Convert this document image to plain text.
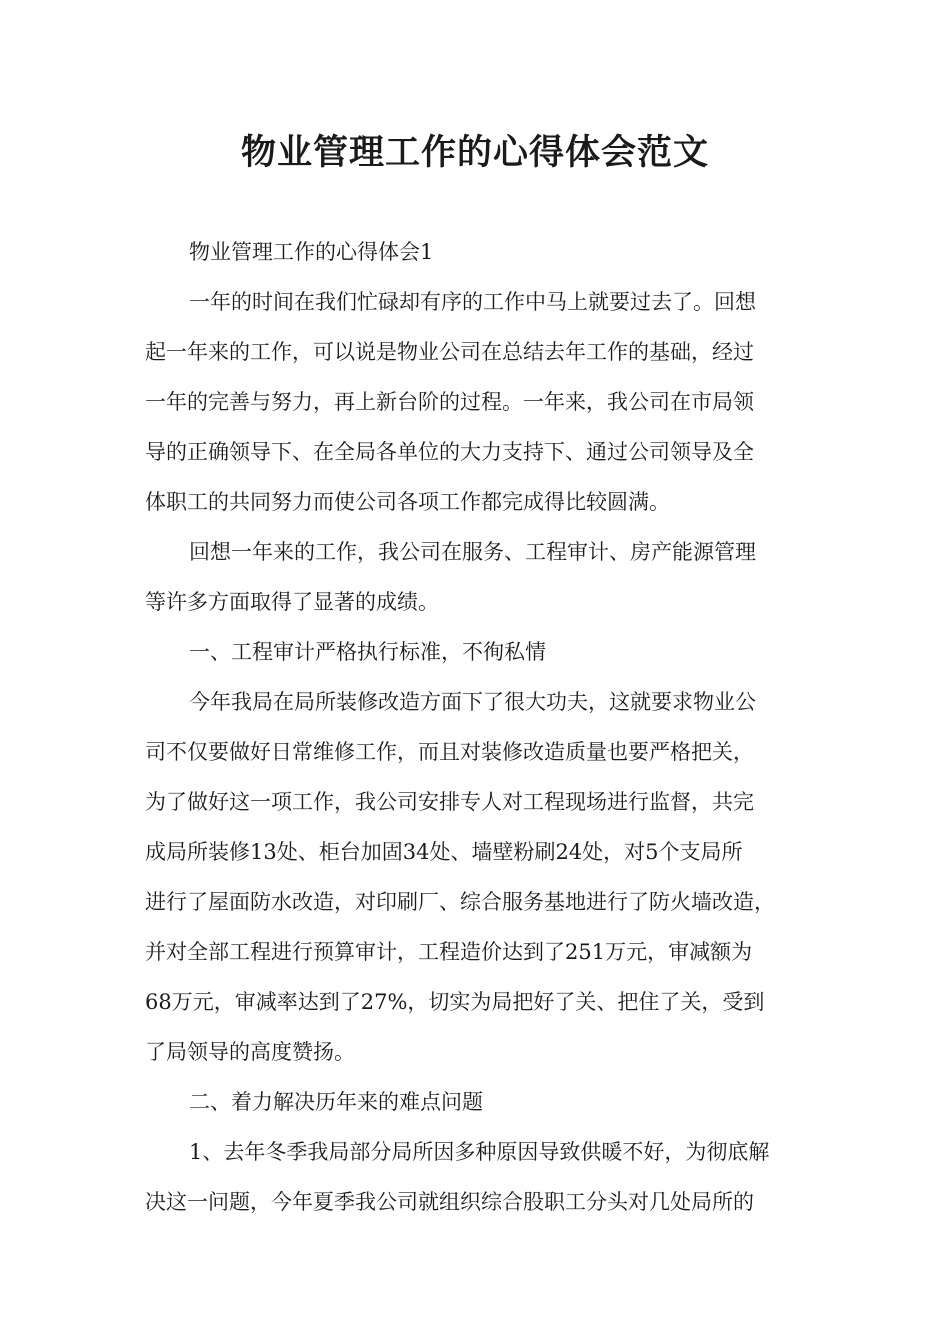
物业管理工作的心得体会范文
物业管理工作的心得体会1
一年的时间在我们忙碌却有序的工作中马上就要过去了。回想
起一年来的工作，可以说是物业公司在总结去年工作的基础，经过
一年的完善与努力，再上新台阶的过程。一年来，我公司在市局领
导的正确领导下、在全局各单位的大力支持下、通过公司领导及全
体职工的共同努力而使公司各项工作都完成得比较圆满。
回想一年来的工作，我公司在服务、工程审计、房产能源管理
等许多方面取得了显著的成绩。
一、工程审计严格执行标准，不徇私情
今年我局在局所装修改造方面下了很大功夫，这就要求物业公
司不仅要做好日常维修工作，而且对装修改造质量也要严格把关，
为了做好这一项工作，我公司安排专人对工程现场进行监督，共完
成局所装修13处、柜台加固34处、墙壁粉刷24处，对5个支局所
进行了屋面防水改造，对印刷厂、综合服务基地进行了防火墙改造，
并对全部工程进行预算审计，工程造价达到了251万元，审减额为
68万元，审减率达到了27%，切实为局把好了关、把住了关，受到
了局领导的高度赞扬。
二、着力解决历年来的难点问题
1、去年冬季我局部分局所因多种原因导致供暖不好，为彻底解
决这一问题，今年夏季我公司就组织综合股职工分头对几处局所的
